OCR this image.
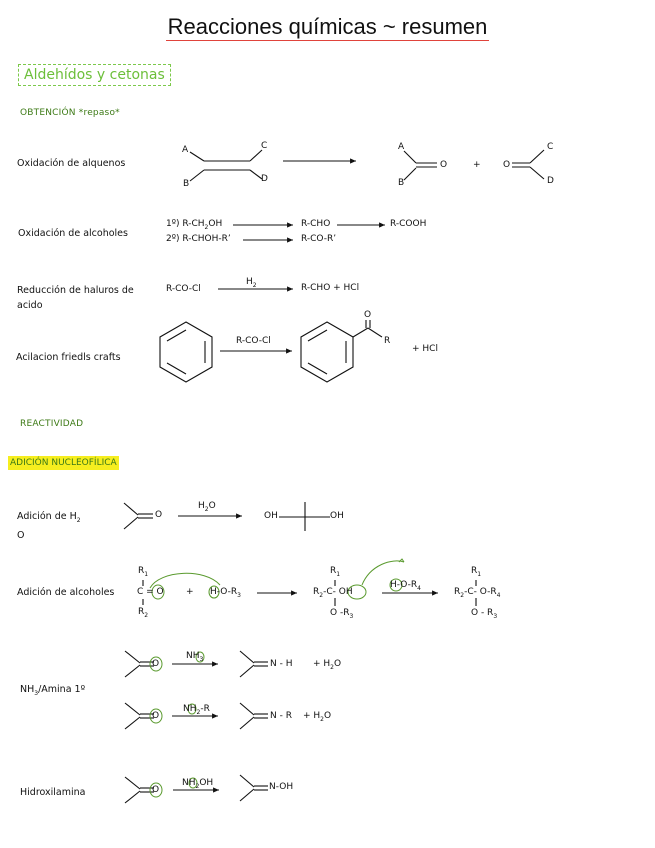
Reacciones químicas ~ resumen
Aldehídos y cetonas
OBTENCIÓN *repaso*
Oxidación de alquenos
Oxidación de alcoholes
Reducción de haluros de
acido
Acilacion friedls crafts
REACTIVIDAD
ADICIÓN NUCLEOFÍLICA
Adición de $H_2$
O
Adición de alcoholes
$NH_3$/Amina 1º
Hidroxilamina
A
B
C
D
A
B
O	+ O
C
D
1º) $R-CH_2OH$	R-CHO	R-COOH
2º) R-CHOH-R’	R-CO-R’
R-CO-Cl
$H_2$	R-CHO + HCl
R-CO-Cl
O
R
+ HCl
$H_2O$
O	OH	OH
$R_1$
C = O
$R_2$
+ $H-O-R_3$
$R_1$
$R_2-C-$ OH
O $-R_3$
$H-O-R_4$
$R_1$
$R_2-C-$ $O-R_4$
O - $R_3$
O
$NH_3$	$N - H + H_2O$
O
$NH_2-R$
$N - R + H_2O$
O
$NH_2OH$	N-OH
